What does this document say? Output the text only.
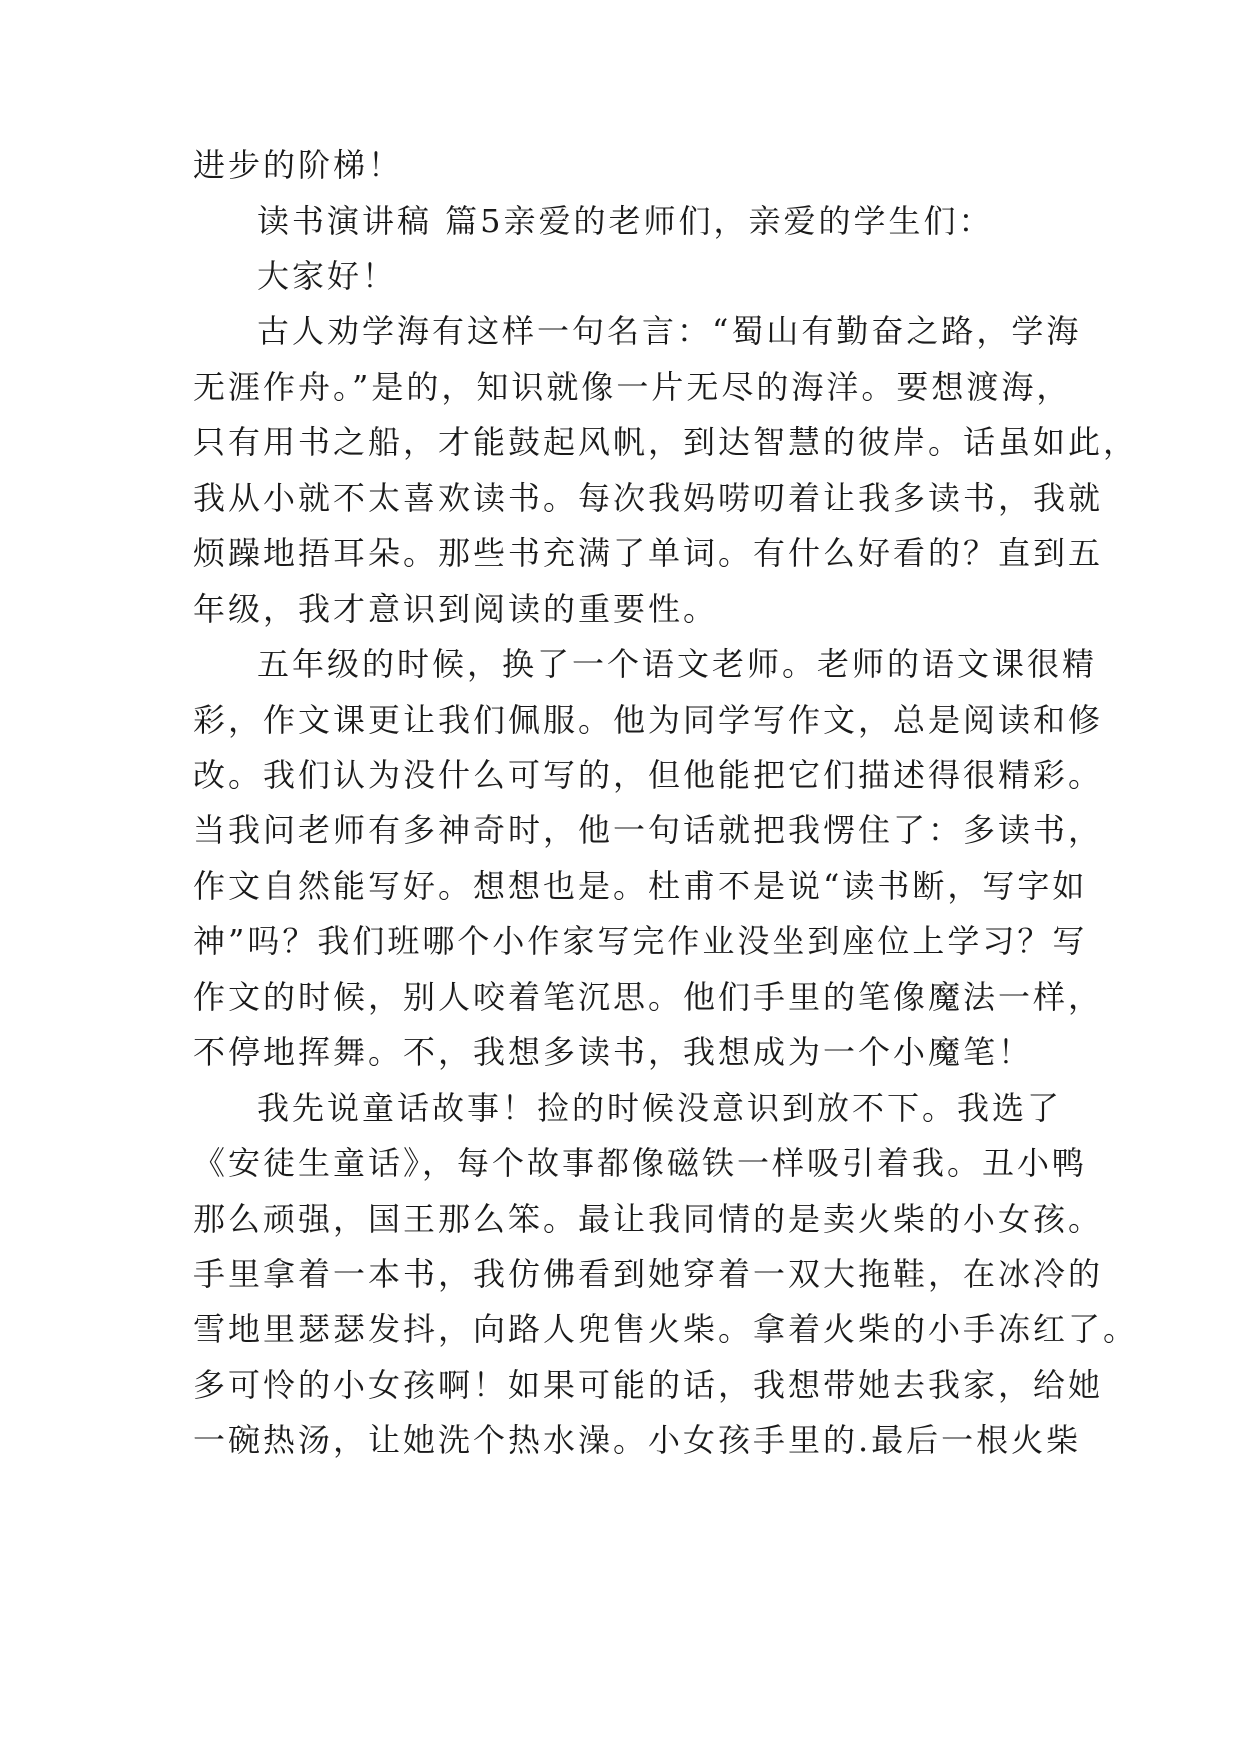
进步的阶梯！

读书演讲稿 篇5亲爱的老师们，亲爱的学生们：

大家好！

古人劝学海有这样一句名言：“蜀山有勤奋之路，学海

无涯作舟。”是的，知识就像一片无尽的海洋。要想渡海，

只有用书之船，才能鼓起风帆，到达智慧的彼岸。话虽如此，

我从小就不太喜欢读书。每次我妈唠叨着让我多读书，我就

烦躁地捂耳朵。那些书充满了单词。有什么好看的？直到五

年级，我才意识到阅读的重要性。

五年级的时候，换了一个语文老师。老师的语文课很精

彩，作文课更让我们佩服。他为同学写作文，总是阅读和修

改。我们认为没什么可写的，但他能把它们描述得很精彩。

当我问老师有多神奇时，他一句话就把我愣住了：多读书，

作文自然能写好。想想也是。杜甫不是说“读书断，写字如

神”吗？我们班哪个小作家写完作业没坐到座位上学习？写

作文的时候，别人咬着笔沉思。他们手里的笔像魔法一样，

不停地挥舞。不，我想多读书，我想成为一个小魔笔！

我先说童话故事！捡的时候没意识到放不下。我选了

《安徒生童话》，每个故事都像磁铁一样吸引着我。丑小鸭

那么顽强，国王那么笨。最让我同情的是卖火柴的小女孩。

手里拿着一本书，我仿佛看到她穿着一双大拖鞋，在冰冷的

雪地里瑟瑟发抖，向路人兜售火柴。拿着火柴的小手冻红了。

多可怜的小女孩啊！如果可能的话，我想带她去我家，给她

一碗热汤，让她洗个热水澡。小女孩手里的.最后一根火柴
